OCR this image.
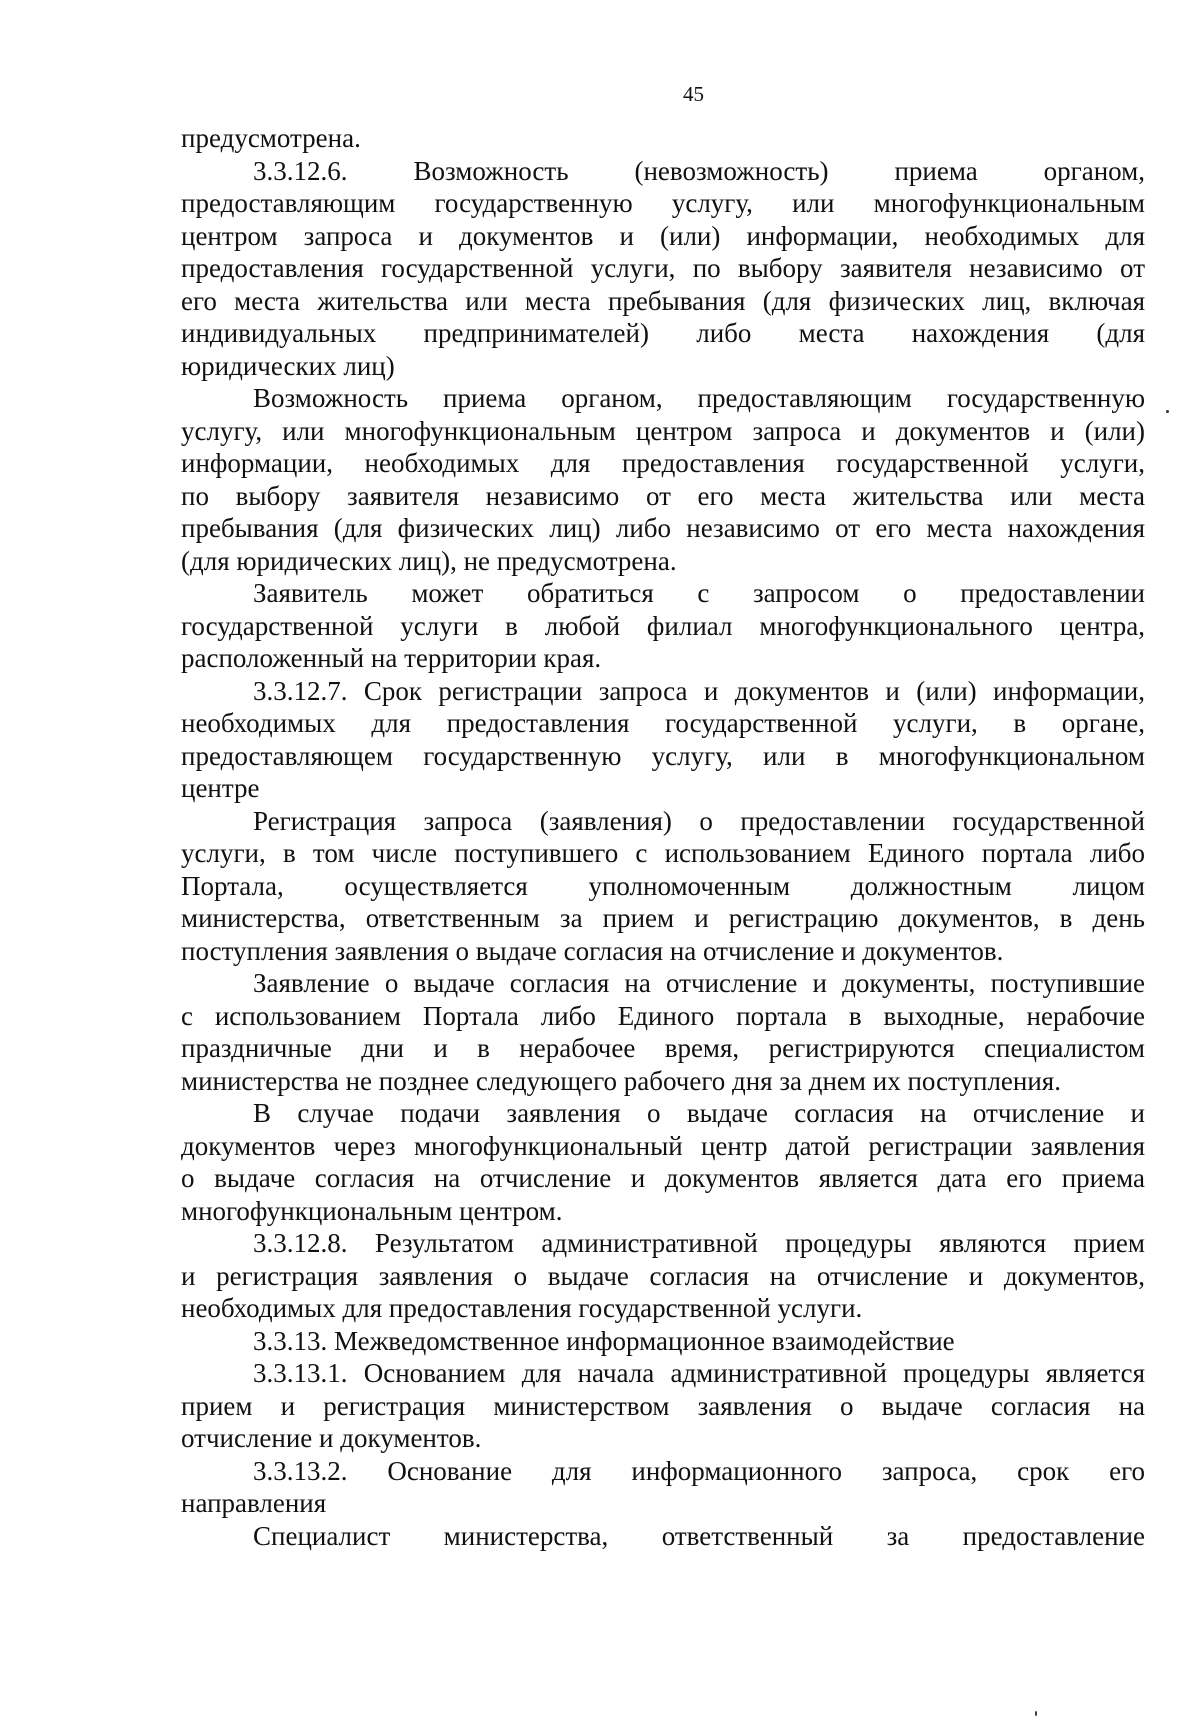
45
предусмотрена.
3.3.12.6. Возможность (невозможность) приема органом,
предоставляющим государственную услугу, или многофункциональным
центром запроса и документов и (или) информации, необходимых для
предоставления государственной услуги, по выбору заявителя независимо от
его места жительства или места пребывания (для физических лиц, включая
индивидуальных предпринимателей) либо места нахождения (для
юридических лиц)
Возможность приема органом, предоставляющим государственную
услугу, или многофункциональным центром запроса и документов и (или)
информации, необходимых для предоставления государственной услуги,
по выбору заявителя независимо от его места жительства или места
пребывания (для физических лиц) либо независимо от его места нахождения
(для юридических лиц), не предусмотрена.
Заявитель может обратиться с запросом о предоставлении
государственной услуги в любой филиал многофункционального центра,
расположенный на территории края.
3.3.12.7. Срок регистрации запроса и документов и (или) информации,
необходимых для предоставления государственной услуги, в органе,
предоставляющем государственную услугу, или в многофункциональном
центре
Регистрация запроса (заявления) о предоставлении государственной
услуги, в том числе поступившего с использованием Единого портала либо
Портала, осуществляется уполномоченным должностным лицом
министерства, ответственным за прием и регистрацию документов, в день
поступления заявления о выдаче согласия на отчисление и документов.
Заявление о выдаче согласия на отчисление и документы, поступившие
с использованием Портала либо Единого портала в выходные, нерабочие
праздничные дни и в нерабочее время, регистрируются специалистом
министерства не позднее следующего рабочего дня за днем их поступления.
В случае подачи заявления о выдаче согласия на отчисление и
документов через многофункциональный центр датой регистрации заявления
о выдаче согласия на отчисление и документов является дата его приема
многофункциональным центром.
3.3.12.8. Результатом административной процедуры являются прием
и регистрация заявления о выдаче согласия на отчисление и документов,
необходимых для предоставления государственной услуги.
3.3.13. Межведомственное информационное взаимодействие
3.3.13.1. Основанием для начала административной процедуры является
прием и регистрация министерством заявления о выдаче согласия на
отчисление и документов.
3.3.13.2. Основание для информационного запроса, срок его
направления
Специалист министерства, ответственный за предоставление
